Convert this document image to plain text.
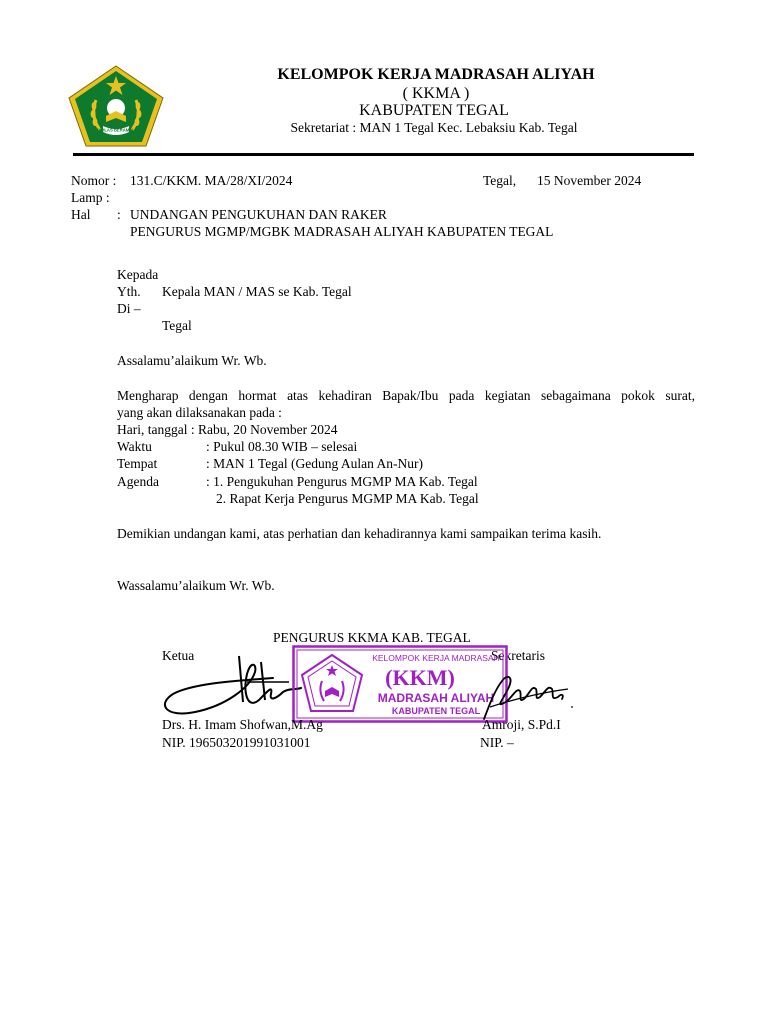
IKHLAS BERAMAL
KELOMPOK KERJA MADRASAH ALIYAH
( KKMA )
KABUPATEN TEGAL
Sekretariat : MAN 1 Tegal Kec. Lebaksiu Kab. Tegal
Nomor : 131.C/KKM. MA/28/XI/2024	Tegal, 15 November 2024
Lamp :
Hal : UNDANGAN PENGUKUHAN DAN RAKER
PENGURUS MGMP/MGBK MADRASAH ALIYAH KABUPATEN TEGAL
Kepada
Yth. Kepala MAN / MAS se Kab. Tegal
Di –
Tegal
Assalamu’alaikum Wr. Wb.
Mengharap dengan hormat atas kehadiran Bapak/Ibu pada kegiatan sebagaimana pokok surat,
yang akan dilaksanakan pada :
Hari, tanggal : Rabu, 20 November 2024
Waktu	: Pukul 08.30 WIB – selesai
Tempat	: MAN 1 Tegal (Gedung Aulan An-Nur)
Agenda	: 1. Pengukuhan Pengurus MGMP MA Kab. Tegal
2. Rapat Kerja Pengurus MGMP MA Kab. Tegal
Demikian undangan kami, atas perhatian dan kehadirannya kami sampaikan terima kasih.
Wassalamu’alaikum Wr. Wb.
PENGURUS KKMA KAB. TEGAL
Ketua	Sekretaris
KELOMPOK KERJA MADRASAH
(KKM)
MADRASAH ALIYAH
KABUPATEN TEGAL
Drs. H. Imam Shofwan,M.Ag	Amroji, S.Pd.I
NIP. 196503201991031001	NIP. –
